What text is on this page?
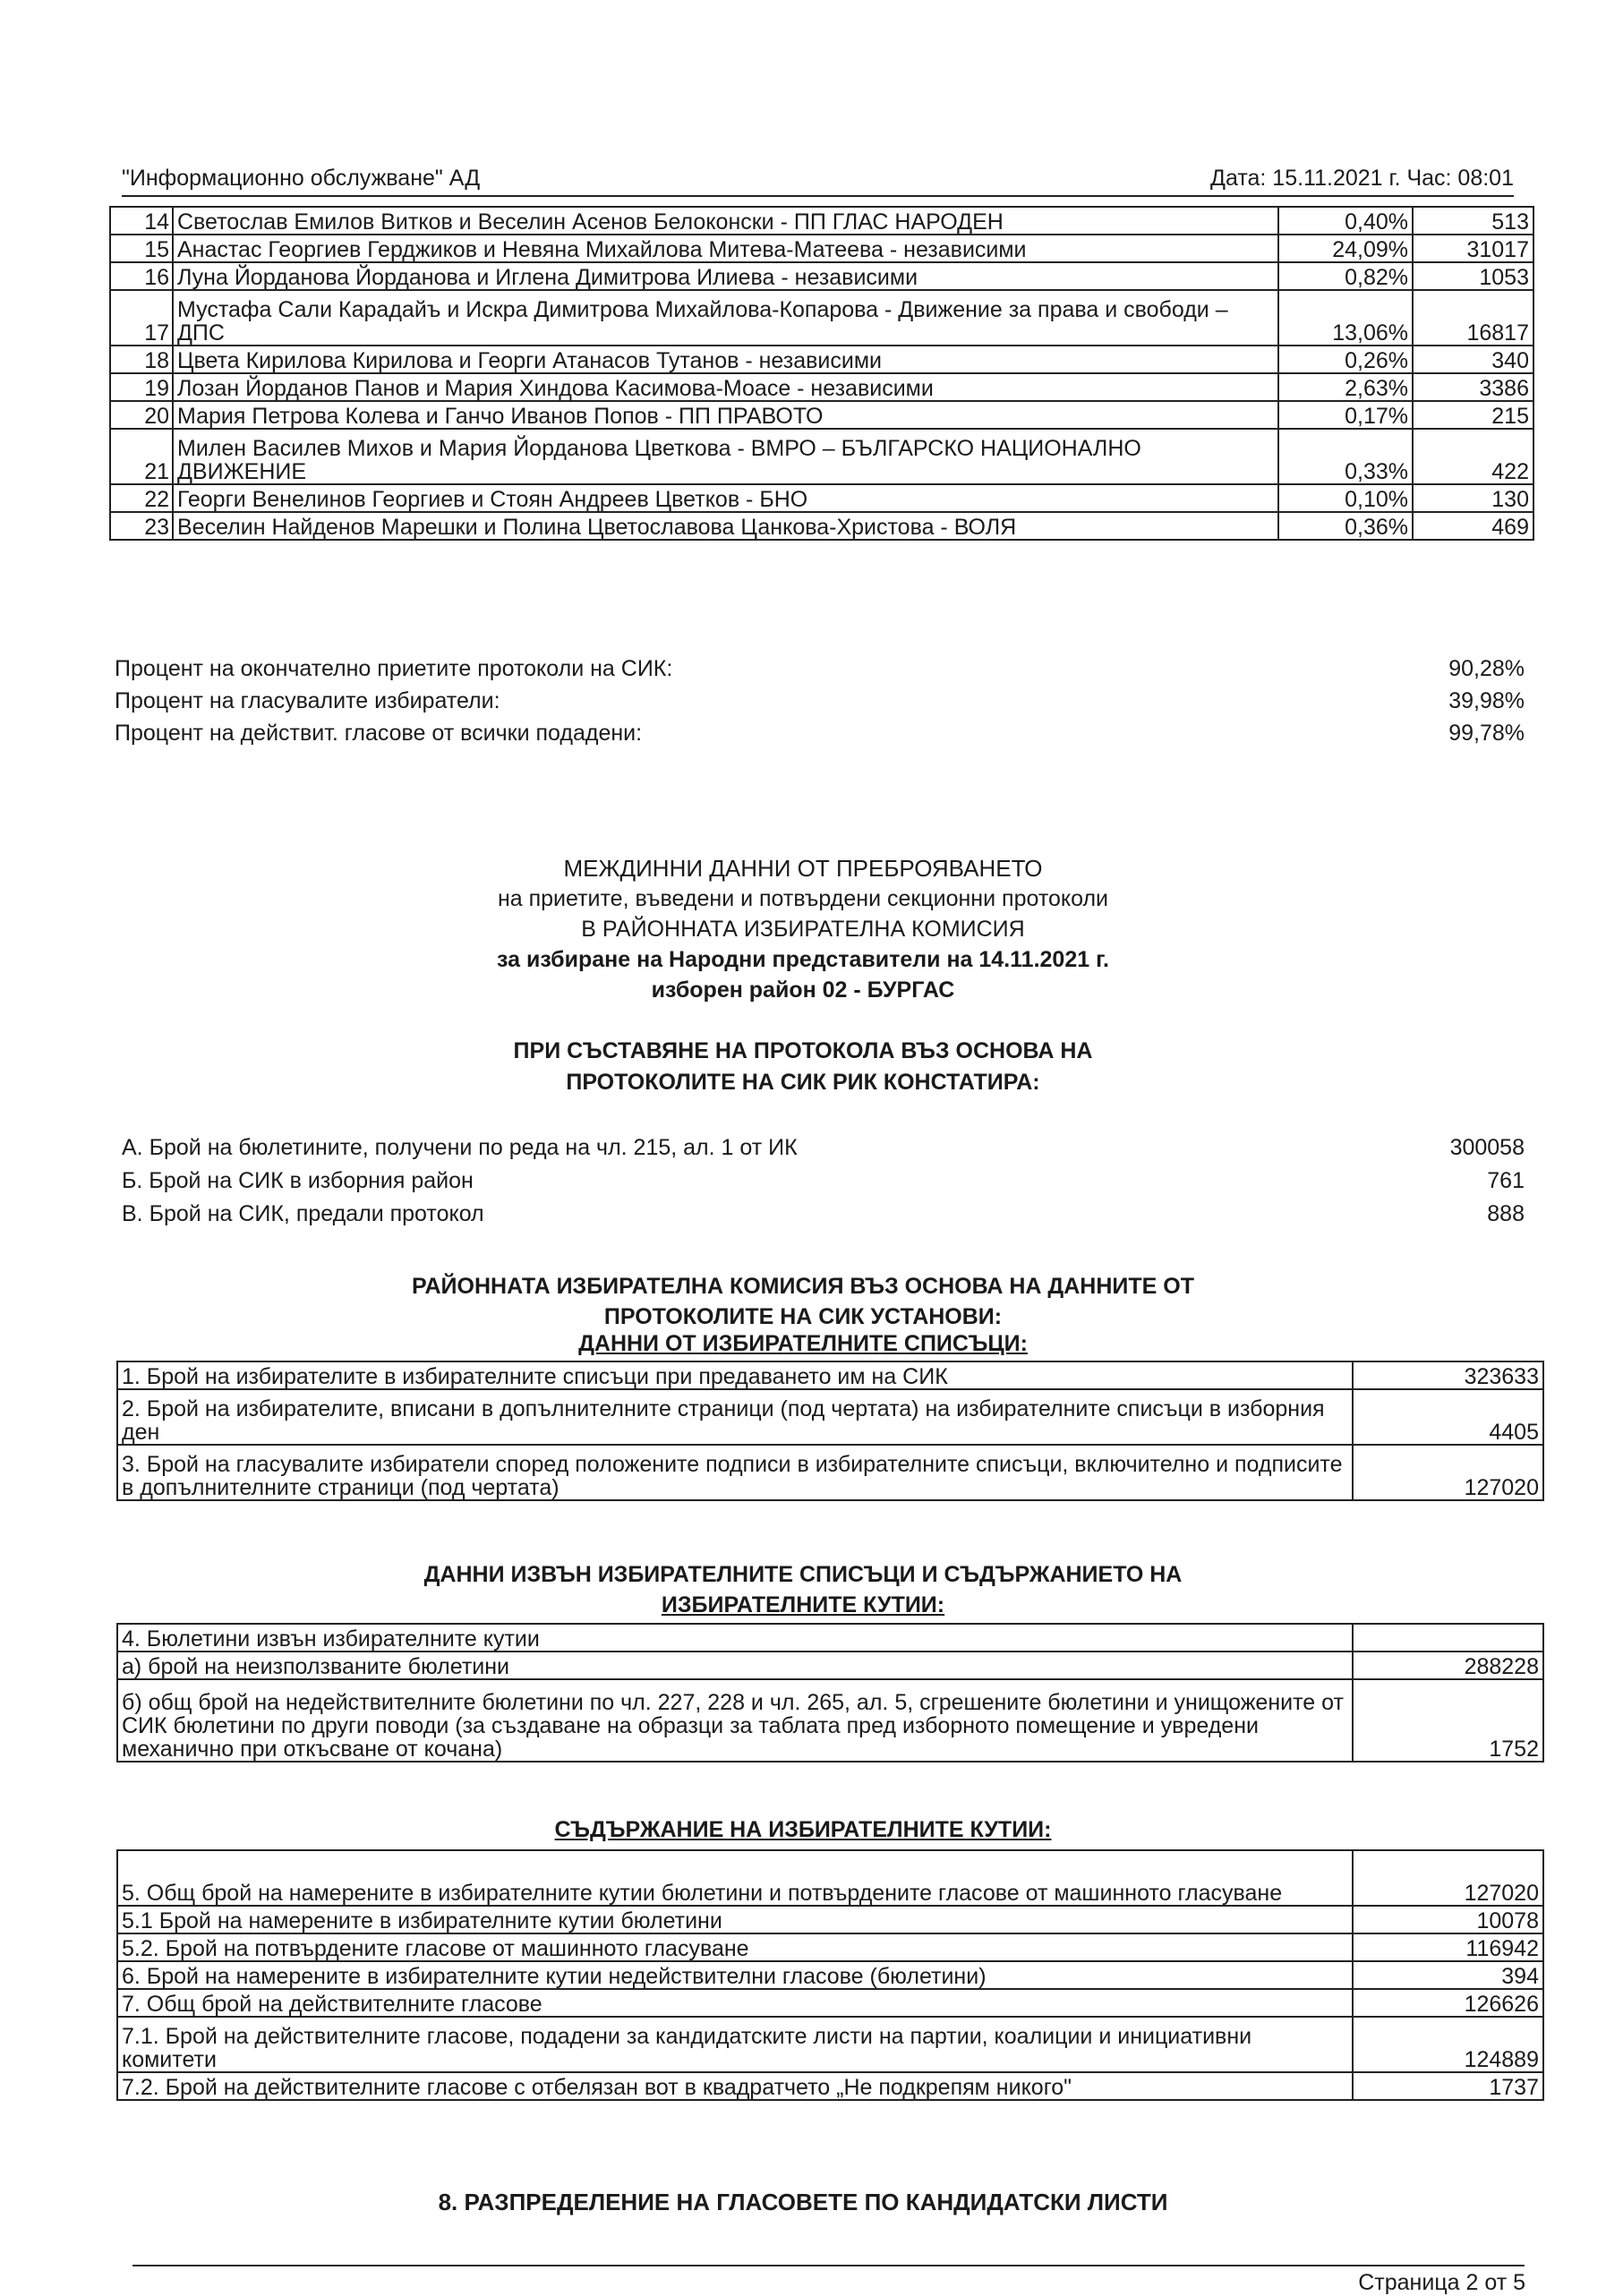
"Информационно обслужване" АД	Дата: 15.11.2021 г. Час: 08:01
14	Светослав Емилов Витков и Веселин Асенов Белоконски - ПП ГЛАС НАРОДЕН	0,40%	513
15	Анастас Георгиев Герджиков и Невяна Михайлова Митева-Матеева - независими	24,09%	31017
16	Луна Йорданова Йорданова и Иглена Димитрова Илиева - независими	0,82%	1053
17	Мустафа Сали Карадайъ и Искра Димитрова Михайлова-Копарова - Движение за права и свободи – ДПС	13,06%	16817
18	Цвета Кирилова Кирилова и Георги Атанасов Тутанов - независими	0,26%	340
19	Лозан Йорданов Панов и Мария Хиндова Касимова-Моасе - независими	2,63%	3386
20	Мария Петрова Колева и Ганчо Иванов Попов - ПП ПРАВОТО	0,17%	215
21	Милен Василев Михов и Мария Йорданова Цветкова - ВМРО – БЪЛГАРСКО НАЦИОНАЛНО ДВИЖЕНИЕ	0,33%	422
22	Георги Венелинов Георгиев и Стоян Андреев Цветков - БНО	0,10%	130
23	Веселин Найденов Марешки и Полина Цветославова Цанкова-Христова - ВОЛЯ	0,36%	469
Процент на окончателно приетите протоколи на СИК:	90,28%
Процент на гласувалите избиратели:	39,98%
Процент на действит. гласове от всички подадени:	99,78%
МЕЖДИННИ ДАННИ ОТ ПРЕБРОЯВАНЕТО
на приетите, въведени и потвърдени секционни протоколи
В РАЙОННАТА ИЗБИРАТЕЛНА КОМИСИЯ
за избиране на Народни представители на 14.11.2021 г.
изборен район 02 - БУРГАС
ПРИ СЪСТАВЯНЕ НА ПРОТОКОЛА ВЪЗ ОСНОВА НА
ПРОТОКОЛИТЕ НА СИК РИК КОНСТАТИРА:
А. Брой на бюлетините, получени по реда на чл. 215, ал. 1 от ИК	300058
Б. Брой на СИК в изборния район	761
В. Брой на СИК, предали протокол	888
РАЙОННАТА ИЗБИРАТЕЛНА КОМИСИЯ ВЪЗ ОСНОВА НА ДАННИТЕ ОТ
ПРОТОКОЛИТЕ НА СИК УСТАНОВИ:
ДАННИ ОТ ИЗБИРАТЕЛНИТЕ СПИСЪЦИ:
1. Брой на избирателите в избирателните списъци при предаването им на СИК	323633
2. Брой на избирателите, вписани в допълнителните страници (под чертата) на избирателните списъци в изборния ден	4405
3. Брой на гласувалите избиратели според положените подписи в избирателните списъци, включително и подписите в допълнителните страници (под чертата)	127020
ДАННИ ИЗВЪН ИЗБИРАТЕЛНИТЕ СПИСЪЦИ И СЪДЪРЖАНИЕТО НА
ИЗБИРАТЕЛНИТЕ КУТИИ:
4. Бюлетини извън избирателните кутии	
а) брой на неизползваните бюлетини	288228
б) общ брой на недействителните бюлетини по чл. 227, 228 и чл. 265, ал. 5, сгрешените бюлетини и унищожените от СИК бюлетини по други поводи (за създаване на образци за таблата пред изборното помещение и увредени механично при откъсване от кочана)	1752
СЪДЪРЖАНИЕ НА ИЗБИРАТЕЛНИТЕ КУТИИ:
5. Общ брой на намерените в избирателните кутии бюлетини и потвърдените гласове от машинното гласуване	127020
5.1 Брой на намерените в избирателните кутии бюлетини	10078
5.2. Брой на потвърдените гласове от машинното гласуване	116942
6. Брой на намерените в избирателните кутии недействителни гласове (бюлетини)	394
7. Общ брой на действителните гласове	126626
7.1. Брой на действителните гласове, подадени за кандидатските листи на партии, коалиции и инициативни комитети	124889
7.2. Брой на действителните гласове с отбелязан вот в квадратчето „Не подкрепям никого"	1737
8. РАЗПРЕДЕЛЕНИЕ НА ГЛАСОВЕТЕ ПО КАНДИДАТСКИ ЛИСТИ
Страница 2 от 5
